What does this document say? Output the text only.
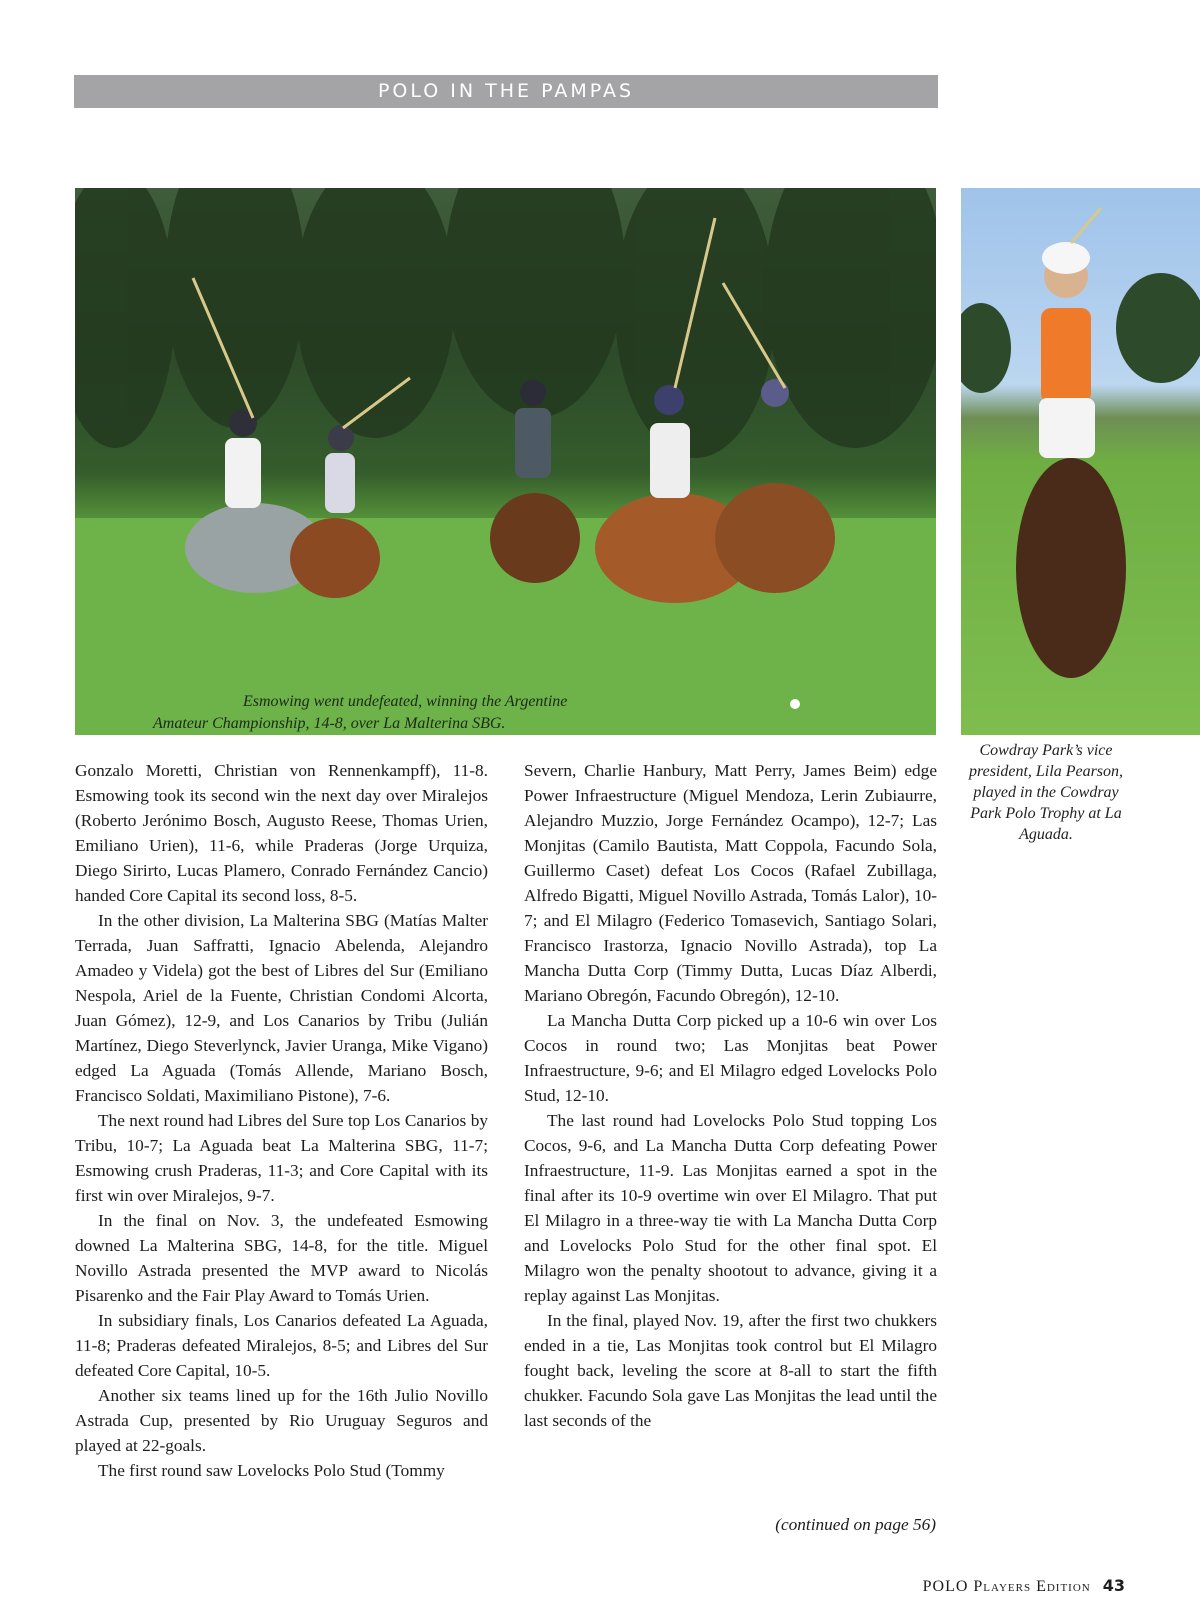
POLO IN THE PAMPAS
Esmowing went undefeated, winning the Argentine
Amateur Championship, 14-8, over La Malterina SBG.
Cowdray Park’s vice president, Lila Pearson, played in the Cowdray Park Polo Trophy at La Aguada.

Gonzalo Moretti, Christian von Rennenkampff), 11-8. Esmowing took its second win the next day over Miralejos (Roberto Jerónimo Bosch, Augusto Reese, Thomas Urien, Emiliano Urien), 11-6, while Praderas (Jorge Urquiza, Diego Sirirto, Lucas Plamero, Conrado Fernández Cancio) handed Core Capital its second loss, 8-5.

In the other division, La Malterina SBG (Matías Malter Terrada, Juan Saffratti, Ignacio Abelenda, Alejandro Amadeo y Videla) got the best of Libres del Sur (Emiliano Nespola, Ariel de la Fuente, Christian Condomi Alcorta, Juan Gómez), 12-9, and Los Canarios by Tribu (Julián Martínez, Diego Steverlynck, Javier Uranga, Mike Vigano) edged La Aguada (Tomás Allende, Mariano Bosch, Francisco Soldati, Maximiliano Pistone), 7-6.

The next round had Libres del Sure top Los Canarios by Tribu, 10-7; La Aguada beat La Malterina SBG, 11-7; Esmowing crush Praderas, 11-3; and Core Capital with its first win over Miralejos, 9-7.

In the final on Nov. 3, the undefeated Esmowing downed La Malterina SBG, 14-8, for the title. Miguel Novillo Astrada presented the MVP award to Nicolás Pisarenko and the Fair Play Award to Tomás Urien.

In subsidiary finals, Los Canarios defeated La Aguada, 11-8; Praderas defeated Miralejos, 8-5; and Libres del Sur defeated Core Capital, 10-5.

Another six teams lined up for the 16th Julio Novillo Astrada Cup, presented by Rio Uruguay Seguros and played at 22-goals.

The first round saw Lovelocks Polo Stud (Tommy

Severn, Charlie Hanbury, Matt Perry, James Beim) edge Power Infraestructure (Miguel Mendoza, Lerin Zubiaurre, Alejandro Muzzio, Jorge Fernández Ocampo), 12-7; Las Monjitas (Camilo Bautista, Matt Coppola, Facundo Sola, Guillermo Caset) defeat Los Cocos (Rafael Zubillaga, Alfredo Bigatti, Miguel Novillo Astrada, Tomás Lalor), 10-7; and El Milagro (Federico Tomasevich, Santiago Solari, Francisco Irastorza, Ignacio Novillo Astrada), top La Mancha Dutta Corp (Timmy Dutta, Lucas Díaz Alberdi, Mariano Obregón, Facundo Obregón), 12-10.

La Mancha Dutta Corp picked up a 10-6 win over Los Cocos in round two; Las Monjitas beat Power Infraestructure, 9-6; and El Milagro edged Lovelocks Polo Stud, 12-10.

The last round had Lovelocks Polo Stud topping Los Cocos, 9-6, and La Mancha Dutta Corp defeating Power Infraestructure, 11-9. Las Monjitas earned a spot in the final after its 10-9 overtime win over El Milagro. That put El Milagro in a three-way tie with La Mancha Dutta Corp and Lovelocks Polo Stud for the other final spot. El Milagro won the penalty shootout to advance, giving it a replay against Las Monjitas.

In the final, played Nov. 19, after the first two chukkers ended in a tie, Las Monjitas took control but El Milagro fought back, leveling the score at 8-all to start the fifth chukker. Facundo Sola gave Las Monjitas the lead until the last seconds of the

(continued on page 56)
POLO Players Edition 43
